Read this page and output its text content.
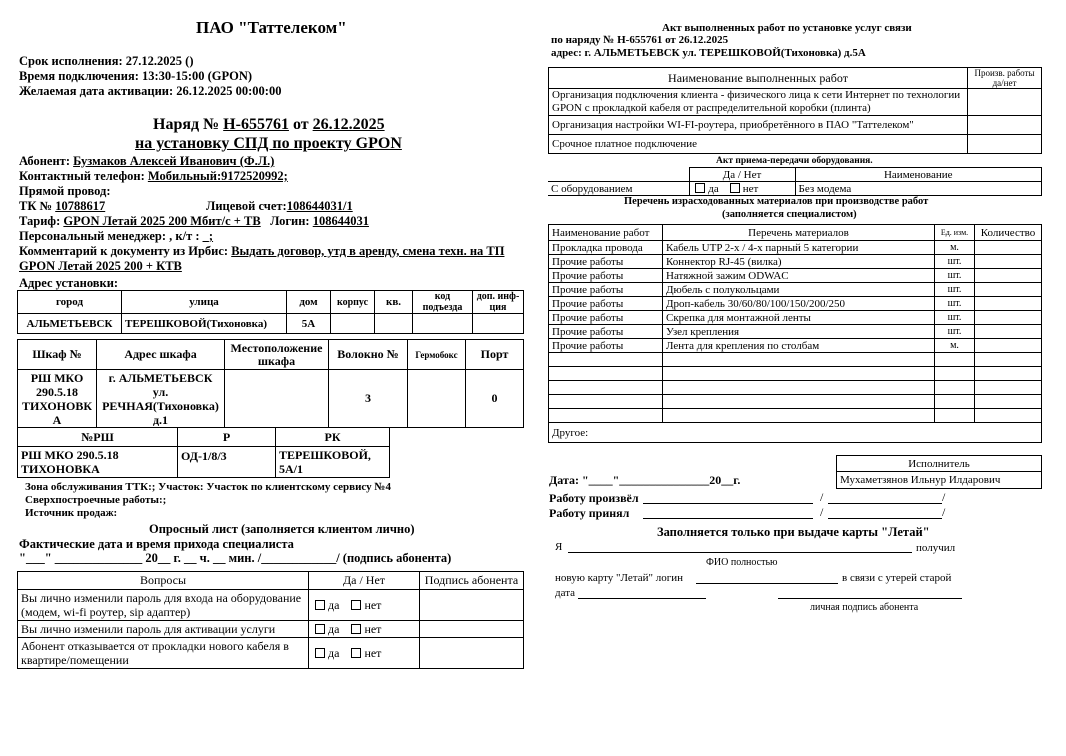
ПАО "Таттелеком"
Срок исполнения: 27.12.2025 ()
Время подключения: 13:30-15:00 (GPON)
Желаемая дата активации: 26.12.2025 00:00:00
Наряд № Н-655761 от 26.12.2025
на установку СПД по проекту GPON
Абонент: Бузмаков Алексей Иванович (Ф.Л.)
Контактный телефон: Мобильный:9172520992;
Прямой провод:
ТК № 10788617	Лицевой счет:108644031/1
Тариф: GPON Летай 2025 200 Мбит/с + ТВ Логин: 108644031
Персональный менеджер: , к/т : _;
Комментарий к документу из Ирбис: Выдать договор, утд в аренду, смена техн. на ТП
GPON Летай 2025 200 + КТВ
Адрес установки:
город	улица	дом	корпус	кв.	код подъезда	доп. инф-ция
АЛЬМЕТЬЕВСК	ТЕРЕШКОВОЙ(Тихоновка)	5А				
Шкаф №	Адрес шкафа	Местоположение шкафа	Волокно №	Гермобокс	Порт
РШ МКО 290.5.18 ТИХОНОВК А	г. АЛЬМЕТЬЕВСК ул. РЕЧНАЯ(Тихоновка) д.1		3		0
№РШ	Р	РК
РШ МКО 290.5.18 ТИХОНОВКА	ОД-1/8/3	ТЕРЕШКОВОЙ, 5А/1
Зона обслуживания ТТК:; Участок: Участок по клиентскому сервису №4
Сверхпостроечные работы:;
Источник продаж:
Опросный лист (заполняется клиентом лично)
Фактические дата и время прихода специалиста
"___" ______________ 20__ г. __ ч. __ мин. /____________/ (подпись абонента)
Вопросы	Да / Нет	Подпись абонента
Вы лично изменили пароль для входа на оборудование (модем, wi-fi роутер, sip адаптер)	да нет	
Вы лично изменили пароль для активации услуги	да нет	
Абонент отказывается от прокладки нового кабеля в квартире/помещении	да нет	
Акт выполненных работ по установке услуг связи
по наряду № Н-655761 от 26.12.2025
адрес: г. АЛЬМЕТЬЕВСК ул. ТЕРЕШКОВОЙ(Тихоновка) д.5А
Наименование выполненных работ	Произв. работы да/нет
Организация подключения клиента - физического лица к сети Интернет по технологии GPON с прокладкой кабеля от распределительной коробки (плинта)	
Организация настройки WI-FI-роутера, приобретённого в ПАО "Таттелеком"	
Срочное платное подключение	
Акт приема-передачи оборудования.
	Да / Нет	Наименование
С оборудованием	да нет	Без модема
Перечень израсходованных материалов при производстве работ
(заполняется специалистом)
Наименование работ	Перечень материалов	Ед. изм.	Количество
Прокладка провода	Кабель UTP 2-х / 4-х парный 5 категории	м.	
Прочие работы	Коннектор RJ-45 (вилка)	шт.	
Прочие работы	Натяжной зажим ODWAC	шт.	
Прочие работы	Дюбель с полукольцами	шт.	
Прочие работы	Дроп-кабель 30/60/80/100/150/200/250	шт.	
Прочие работы	Скрепка для монтажной ленты	шт.	
Прочие работы	Узел крепления	шт.	
Прочие работы	Лента для крепления по столбам	м.	

Другое:			
Дата: "____"_______________20__г.
Исполнитель
Мухаметзянов Ильнур Илдарович
Работу произвёл	/	/
Работу принял	/	/
Заполняется только при выдаче карты "Летай"
Я	получил
ФИО полностью
новую карту "Летай" логин	в связи с утерей старой
дата
личная подпись абонента
